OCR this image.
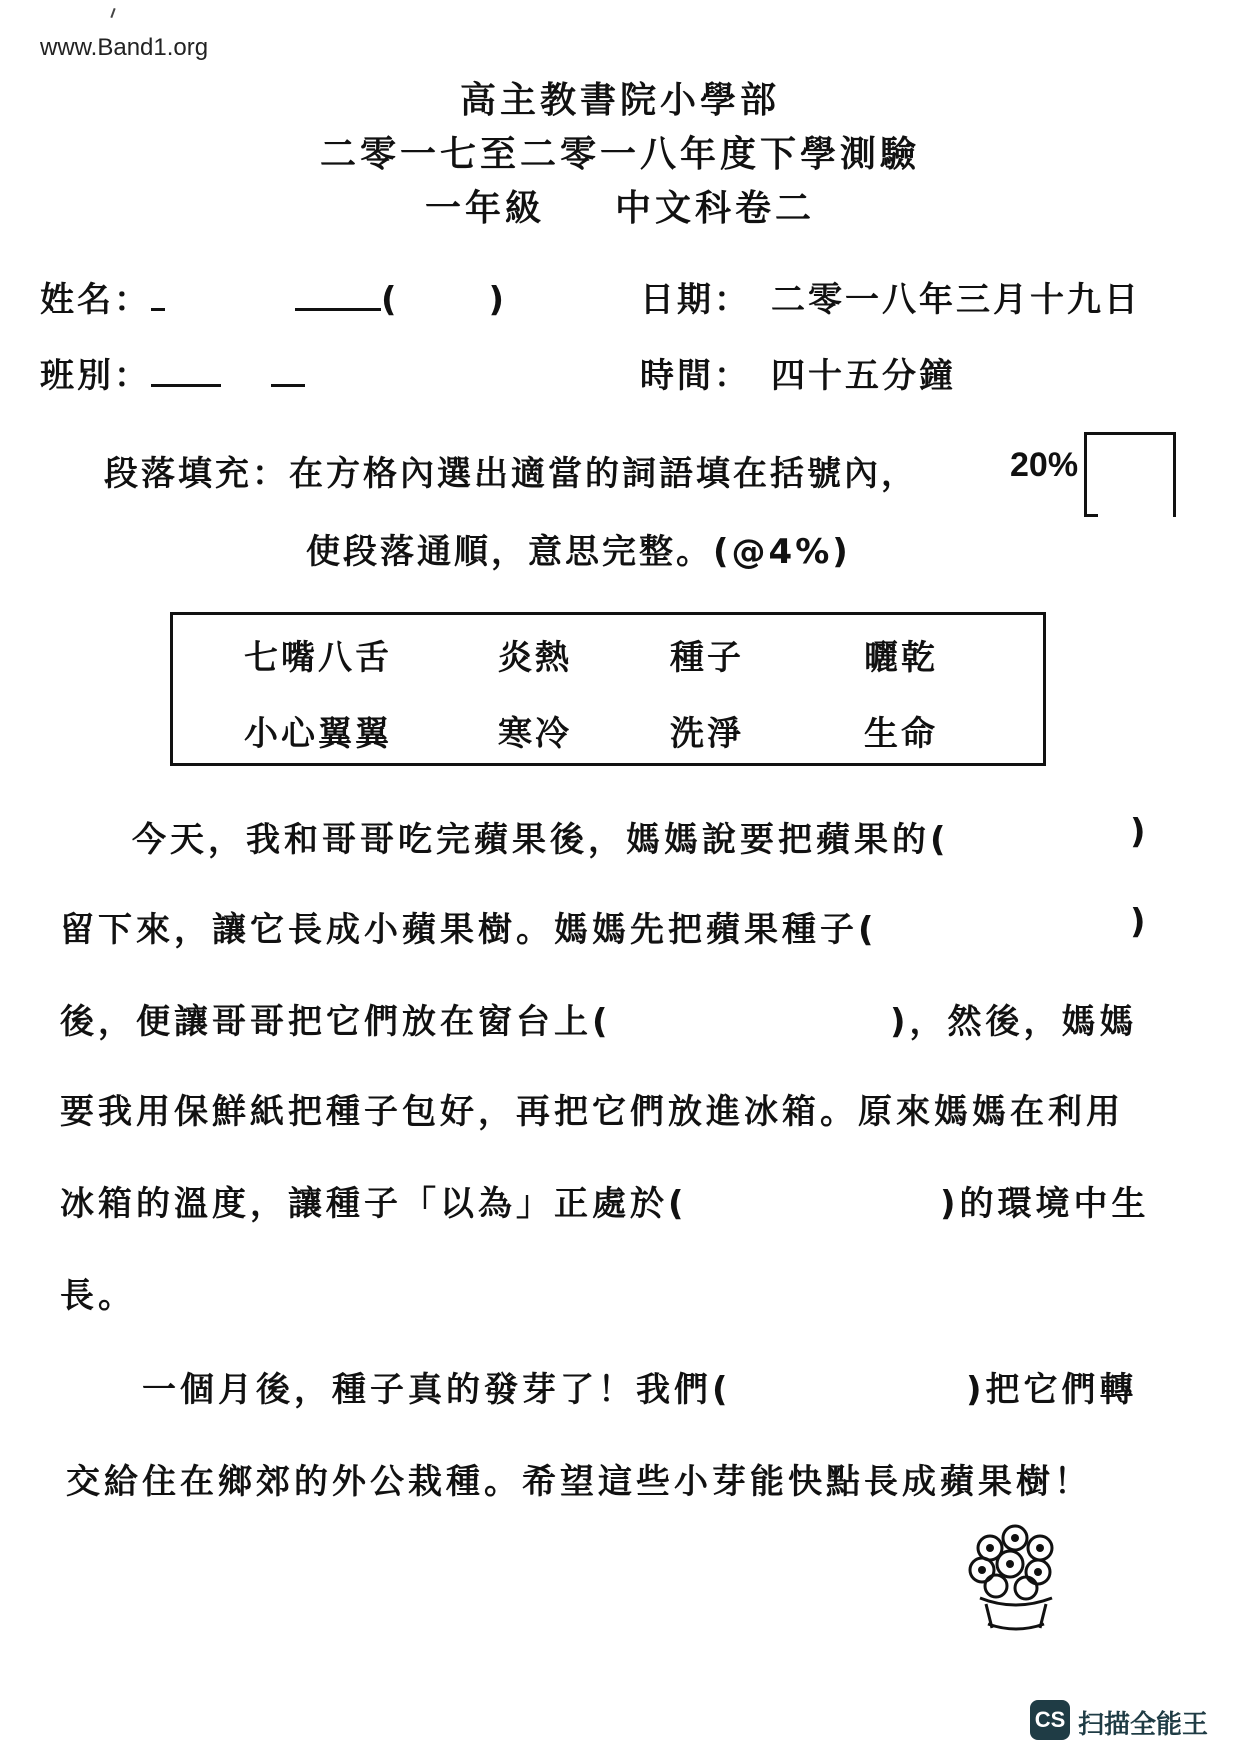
www.Band1.org
高主教書院小學部
二零一七至二零一八年度下學測驗
一年級 中文科卷二
姓名：	(      )	日期： 二零一八年三月十九日
班別：	時間： 四十五分鐘
段落填充：在方格內選出適當的詞語填在括號內，	20%
使段落通順，意思完整。(@4%)
七嘴八舌	炎熱	種子	曬乾
小心翼翼	寒冷	洗淨	生命
今天，我和哥哥吃完蘋果後，媽媽說要把蘋果的(	)
留下來，讓它長成小蘋果樹。媽媽先把蘋果種子(	)
後，便讓哥哥把它們放在窗台上(	)，然後，媽媽
要我用保鮮紙把種子包好，再把它們放進冰箱。原來媽媽在利用
冰箱的溫度，讓種子「以為」正處於(	)的環境中生
長。
一個月後，種子真的發芽了！我們(	)把它們轉
交給住在鄉郊的外公栽種。希望這些小芽能快點長成蘋果樹！
CS 扫描全能王
